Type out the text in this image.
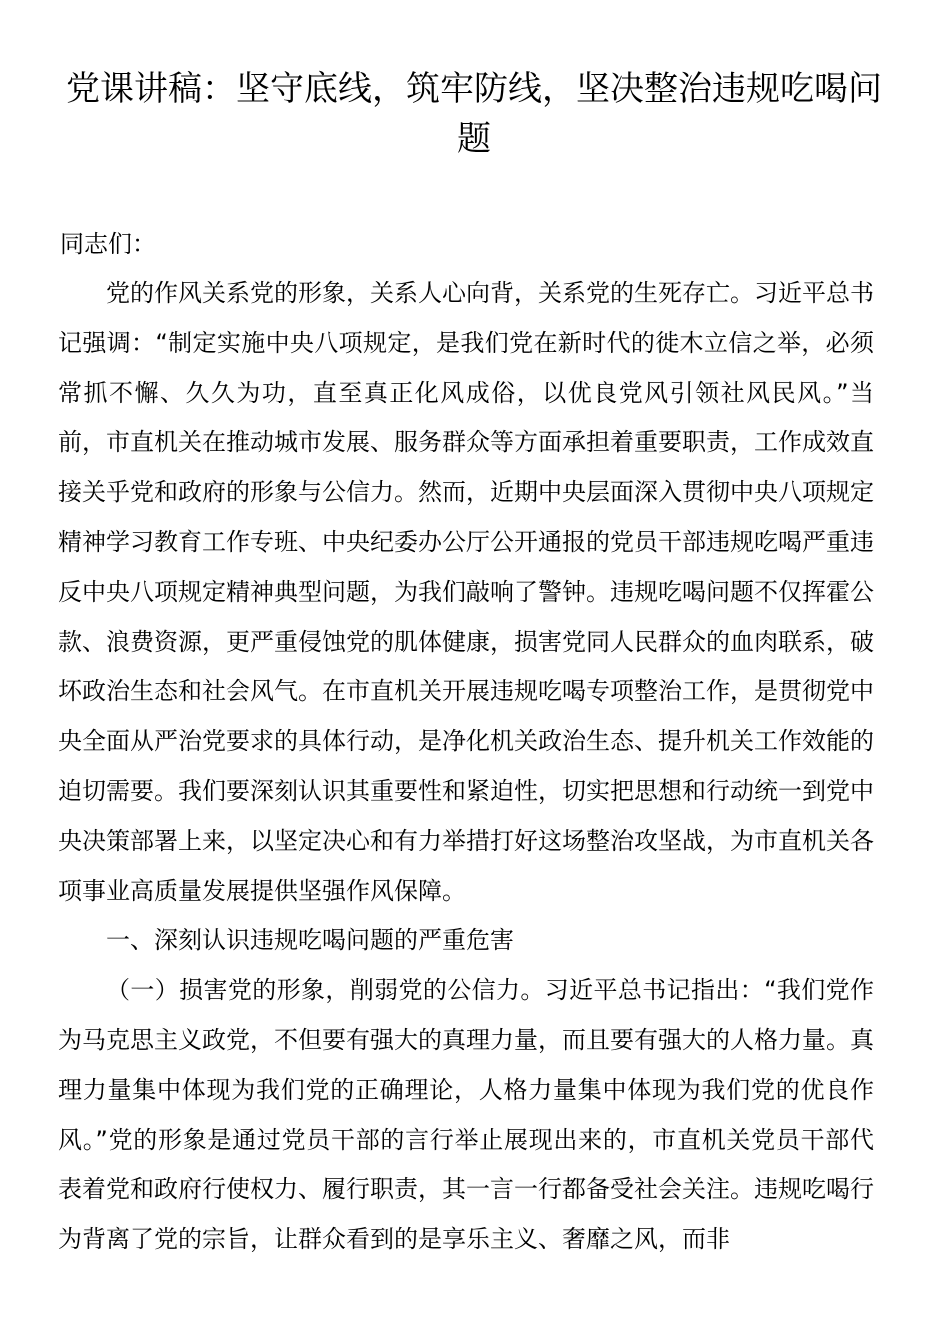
党课讲稿：坚守底线，筑牢防线，坚决整治违规吃喝问题
同志们：

党的作风关系党的形象，关系人心向背，关系党的生死存亡。习近平总书记强调：“制定实施中央八项规定，是我们党在新时代的徙木立信之举，必须常抓不懈、久久为功，直至真正化风成俗，以优良党风引领社风民风。”当前，市直机关在推动城市发展、服务群众等方面承担着重要职责，工作成效直接关乎党和政府的形象与公信力。然而，近期中央层面深入贯彻中央八项规定精神学习教育工作专班、中央纪委办公厅公开通报的党员干部违规吃喝严重违反中央八项规定精神典型问题，为我们敲响了警钟。违规吃喝问题不仅挥霍公款、浪费资源，更严重侵蚀党的肌体健康，损害党同人民群众的血肉联系，破坏政治生态和社会风气。在市直机关开展违规吃喝专项整治工作，是贯彻党中央全面从严治党要求的具体行动，是净化机关政治生态、提升机关工作效能的迫切需要。我们要深刻认识其重要性和紧迫性，切实把思想和行动统一到党中央决策部署上来，以坚定决心和有力举措打好这场整治攻坚战，为市直机关各项事业高质量发展提供坚强作风保障。

一、深刻认识违规吃喝问题的严重危害

（一）损害党的形象，削弱党的公信力。习近平总书记指出：“我们党作为马克思主义政党，不但要有强大的真理力量，而且要有强大的人格力量。真理力量集中体现为我们党的正确理论，人格力量集中体现为我们党的优良作风。”党的形象是通过党员干部的言行举止展现出来的，市直机关党员干部代表着党和政府行使权力、履行职责，其一言一行都备受社会关注。违规吃喝行为背离了党的宗旨，让群众看到的是享乐主义、奢靡之风，而非
